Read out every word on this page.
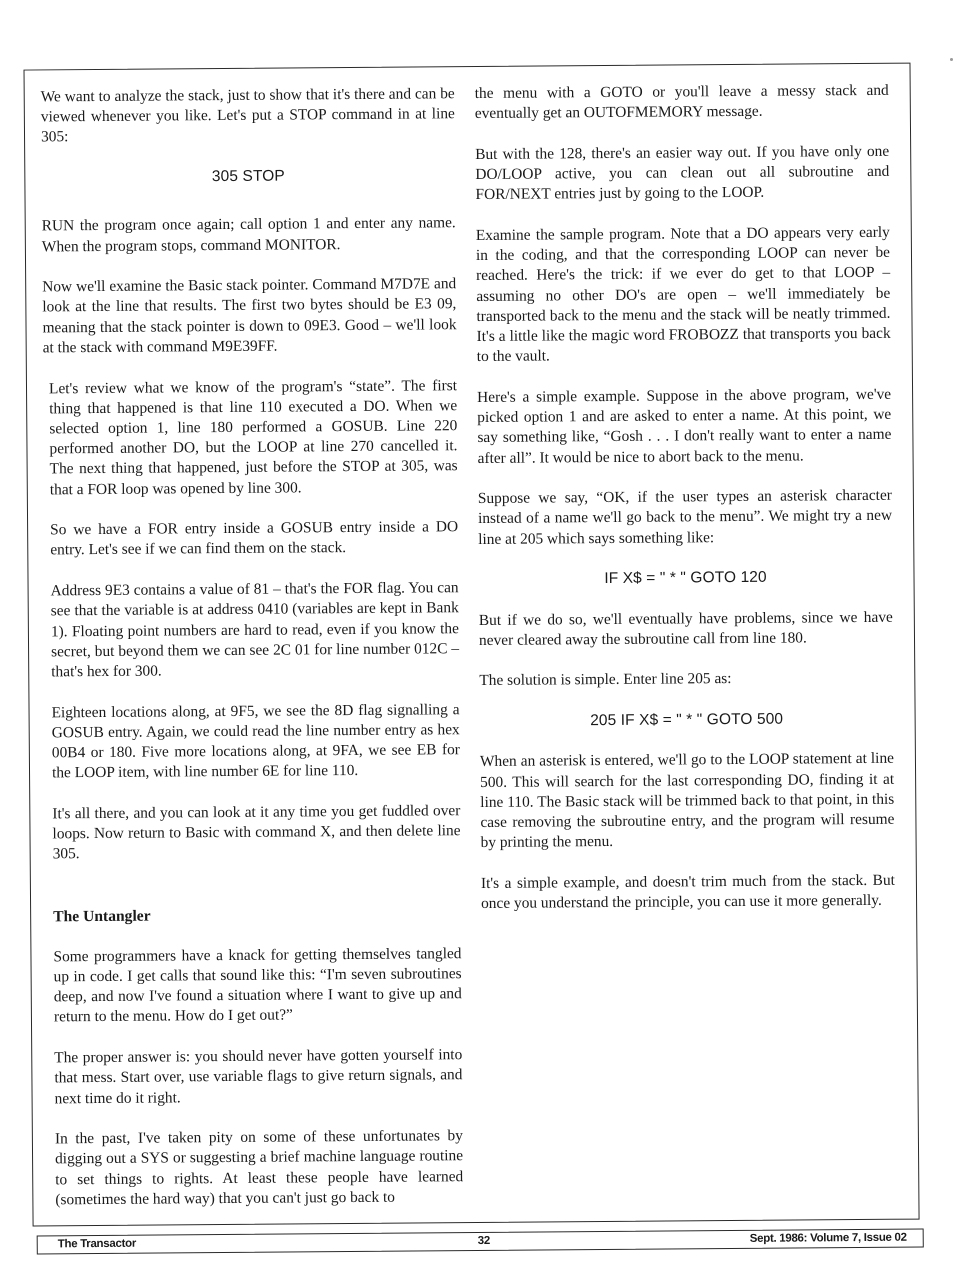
We want to analyze the stack, just to show that it's there and can be viewed whenever you like. Let's put a STOP command in at line 305:

305 STOP

RUN the program once again; call option 1 and enter any name. When the program stops, command MONITOR.

Now we'll examine the Basic stack pointer. Command M7D7E and look at the line that results. The first two bytes should be E3 09, meaning that the stack pointer is down to 09E3. Good – we'll look at the stack with command M9E39FF.

Let's review what we know of the program's “state”. The first thing that happened is that line 110 executed a DO. When we selected option 1, line 180 performed a GOSUB. Line 220 performed another DO, but the LOOP at line 270 cancelled it. The next thing that happened, just before the STOP at 305, was that a FOR loop was opened by line 300.

So we have a FOR entry inside a GOSUB entry inside a DO entry. Let's see if we can find them on the stack.

Address 9E3 contains a value of 81 – that's the FOR flag. You can see that the variable is at address 0410 (variables are kept in Bank 1). Floating point numbers are hard to read, even if you know the secret, but beyond them we can see 2C 01 for line number 012C – that's hex for 300.

Eighteen locations along, at 9F5, we see the 8D flag signalling a GOSUB entry. Again, we could read the line number entry as hex 00B4 or 180. Five more locations along, at 9FA, we see EB for the LOOP item, with line number 6E for line 110.

It's all there, and you can look at it any time you get fuddled over loops. Now return to Basic with command X, and then delete line 305.

The Untangler

Some programmers have a knack for getting themselves tangled up in code. I get calls that sound like this: “I'm seven subroutines deep, and now I've found a situation where I want to give up and return to the menu. How do I get out?”

The proper answer is: you should never have gotten yourself into that mess. Start over, use variable flags to give return signals, and next time do it right.

In the past, I've taken pity on some of these unfortunates by digging out a SYS or suggesting a brief machine language routine to set things to rights. At least these people have learned (sometimes the hard way) that you can't just go back to

the menu with a GOTO or you'll leave a messy stack and eventually get an OUTOFMEMORY message.

But with the 128, there's an easier way out. If you have only one DO/LOOP active, you can clean out all subroutine and FOR/NEXT entries just by going to the LOOP.

Examine the sample program. Note that a DO appears very early in the coding, and that the corresponding LOOP can never be reached. Here's the trick: if we ever do get to that LOOP – assuming no other DO's are open – we'll immediately be transported back to the menu and the stack will be neatly trimmed. It's a little like the magic word FROBOZZ that transports you back to the vault.

Here's a simple example. Suppose in the above program, we've picked option 1 and are asked to enter a name. At this point, we say something like, “Gosh . . . I don't really want to enter a name after all”. It would be nice to abort back to the menu.

Suppose we say, “OK, if the user types an asterisk character instead of a name we'll go back to the menu”. We might try a new line at 205 which says something like:

IF X$ = " * " GOTO 120

But if we do so, we'll eventually have problems, since we have never cleared away the subroutine call from line 180.

The solution is simple. Enter line 205 as:

205 IF X$ = " * " GOTO 500

When an asterisk is entered, we'll go to the LOOP statement at line 500. This will search for the last corresponding DO, finding it at line 110. The Basic stack will be trimmed back to that point, in this case removing the subroutine entry, and the program will resume by printing the menu.

It's a simple example, and doesn't trim much from the stack. But once you understand the principle, you can use it more generally.

The Transactor	32	Sept. 1986: Volume 7, Issue 02
